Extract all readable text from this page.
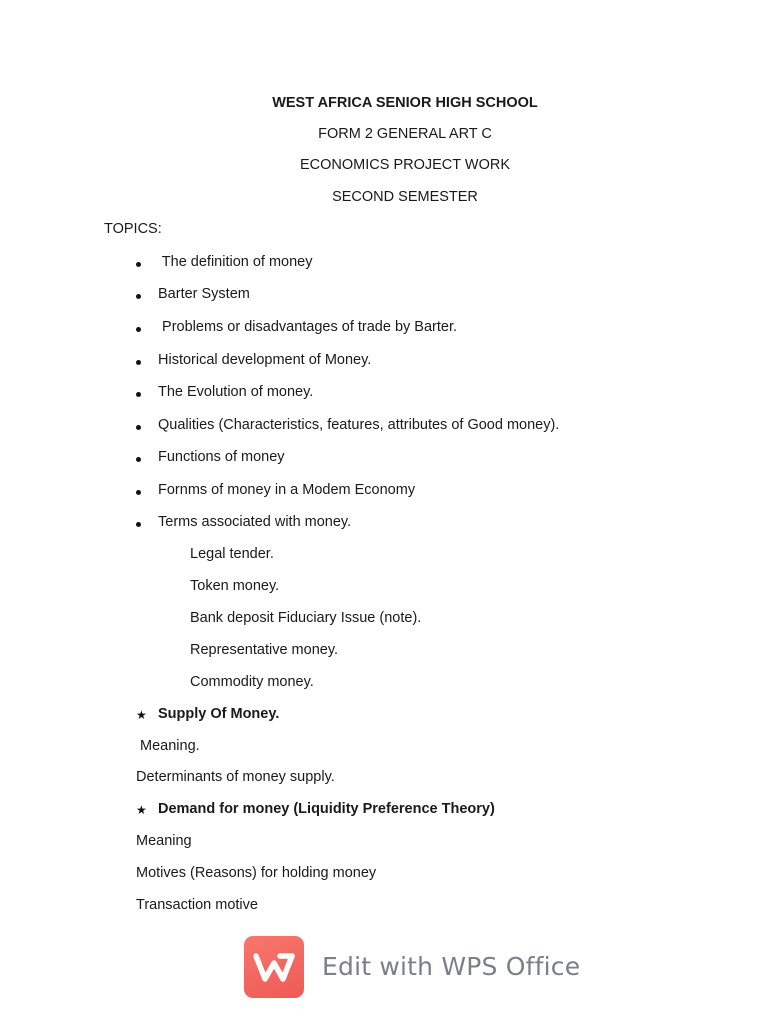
WEST AFRICA SENIOR HIGH SCHOOL
FORM 2 GENERAL ART C
ECONOMICS PROJECT WORK
SECOND SEMESTER
TOPICS:
The definition of money
Barter System
Problems or disadvantages of trade by Barter.
Historical development of Money.
The Evolution of money.
Qualities (Characteristics, features, attributes of Good money).
Functions of money
Fornms of money in a Modem Economy
Terms associated with money.
Legal tender.
Token money.
Bank deposit Fiduciary Issue (note).
Representative money.
Commodity money.
★ Supply Of Money.
Meaning.
Determinants of money supply.
★ Demand for money (Liquidity Preference Theory)
Meaning
Motives (Reasons) for holding money
Transaction motive
Edit with WPS Office
